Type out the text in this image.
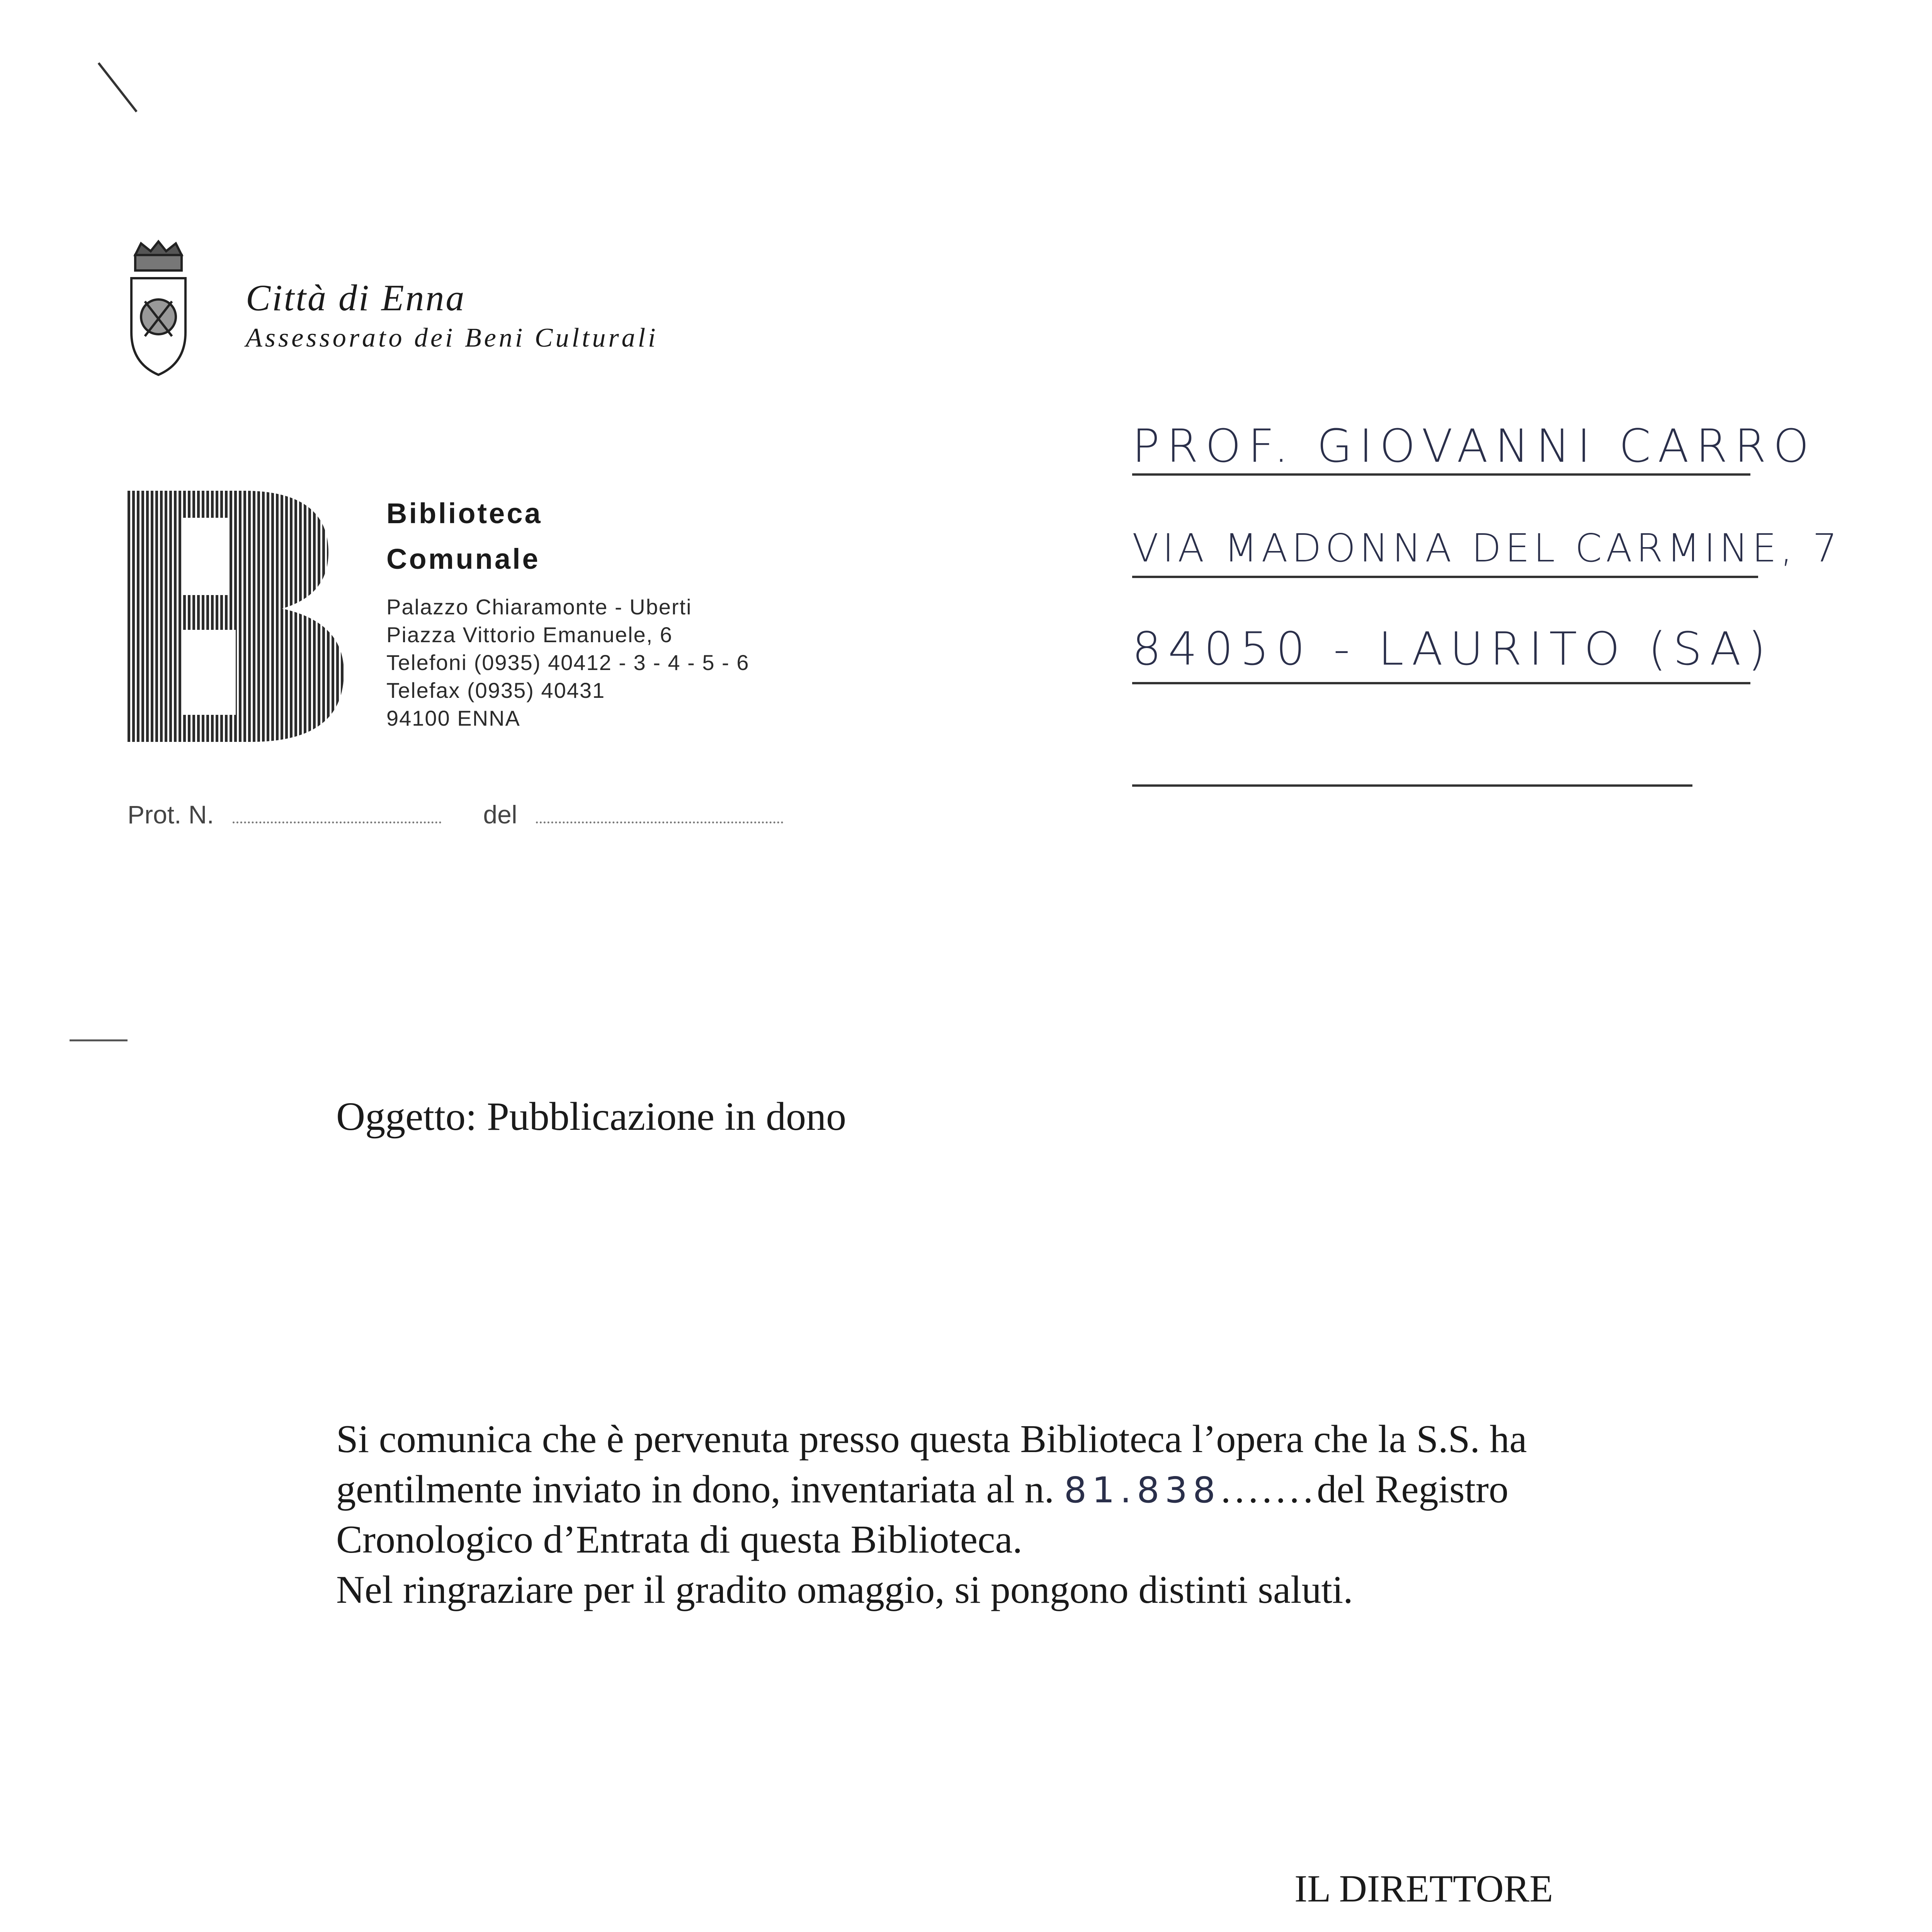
Città di Enna
Assessorato dei Beni Culturali
Biblioteca
Comunale
Palazzo Chiaramonte - Uberti
Piazza Vittorio Emanuele, 6
Telefoni (0935) 40412 - 3 - 4 - 5 - 6
Telefax (0935) 40431
94100 ENNA
Prot. N.	del
PROF. GIOVANNI CARRO
VIA MADONNA DEL CARMINE, 7
84050 - LAURITO (SA)
Oggetto: Pubblicazione in dono
Si comunica che è pervenuta presso questa Biblioteca l’opera che la S.S. ha
gentilmente inviato in dono, inventariata al n. 81.838.......del Registro
Cronologico d’Entrata di questa Biblioteca.
Nel ringraziare per il gradito omaggio, si pongono distinti saluti.
IL DIRETTORE
